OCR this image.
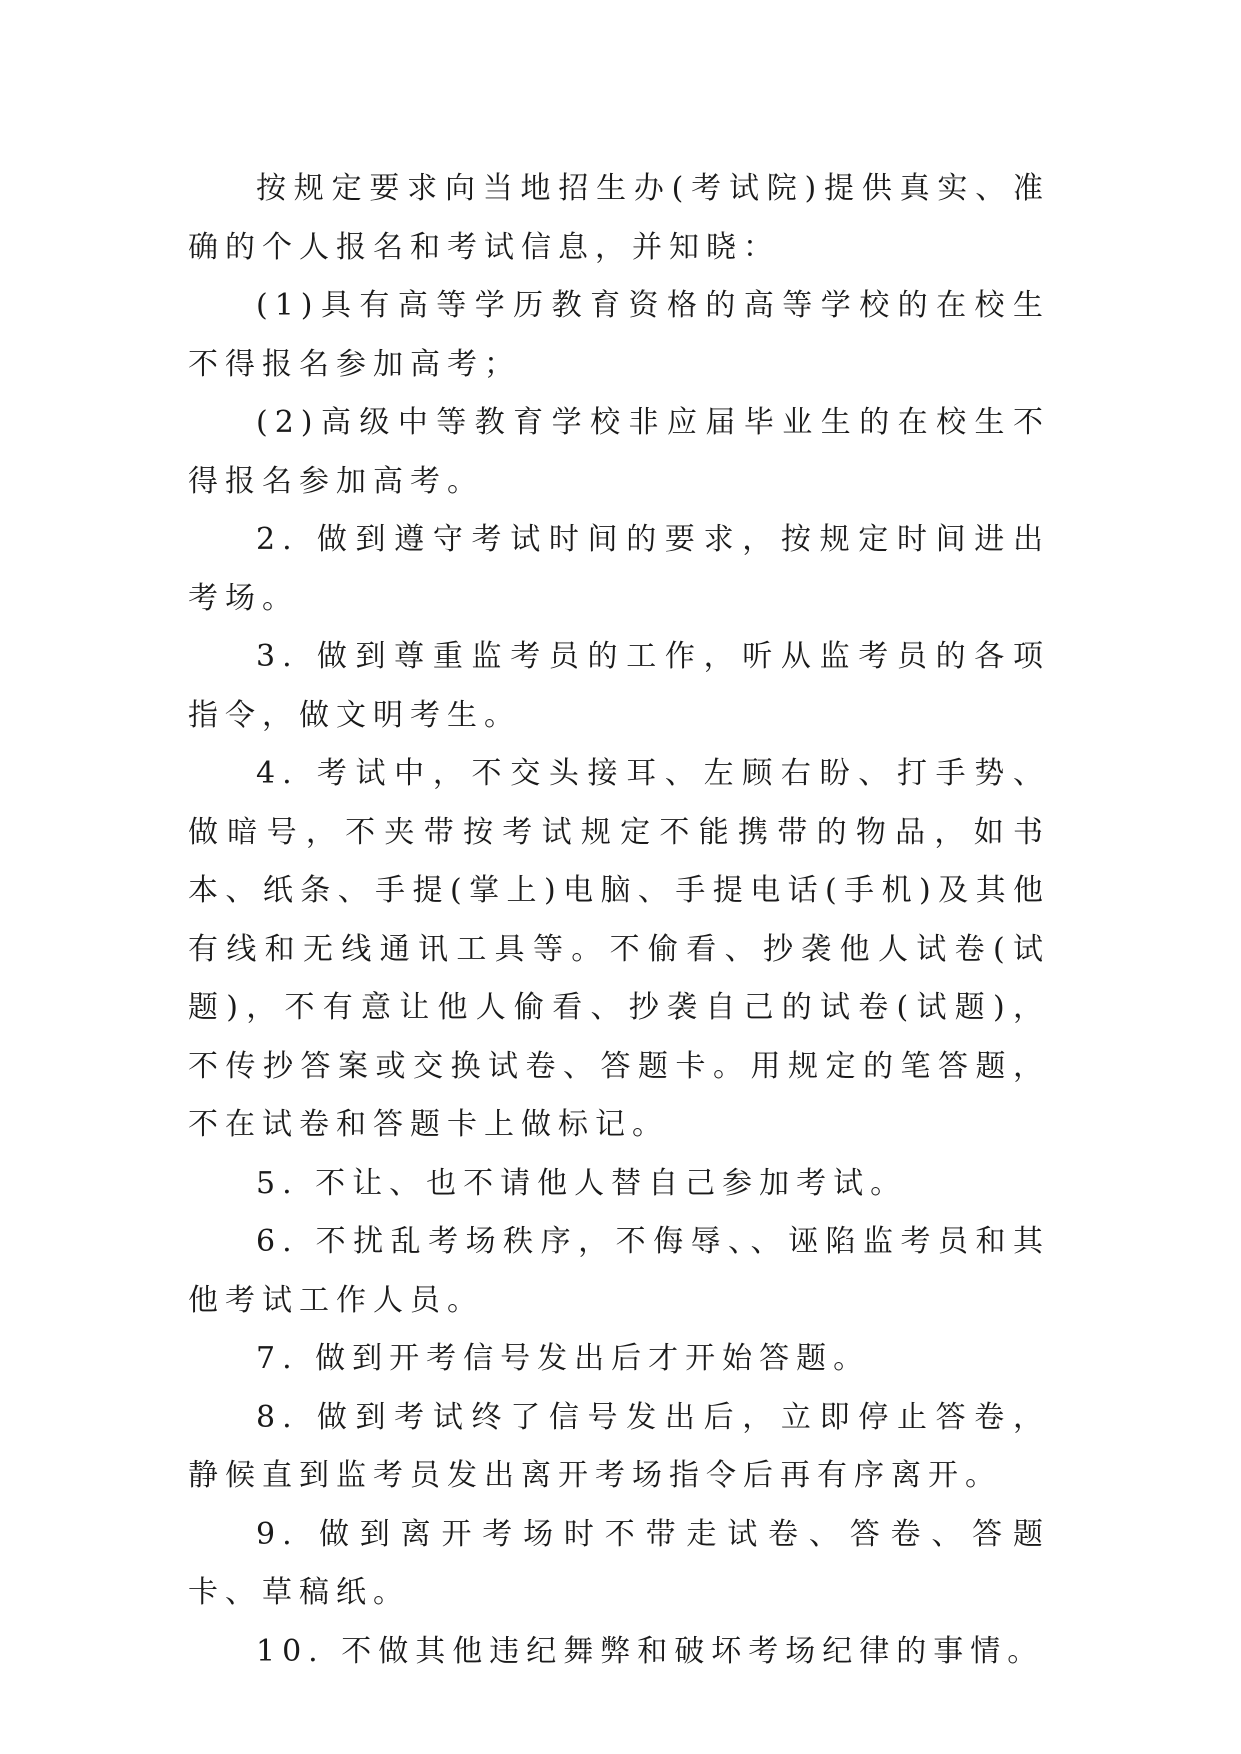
按规定要求向当地招生办(考试院)提供真实、准确的个人报名和考试信息，并知晓：

(1)具有高等学历教育资格的高等学校的在校生不得报名参加高考；

(2)高级中等教育学校非应届毕业生的在校生不得报名参加高考。

2. 做到遵守考试时间的要求，按规定时间进出考场。

3. 做到尊重监考员的工作，听从监考员的各项指令，做文明考生。

4. 考试中，不交头接耳、左顾右盼、打手势、做暗号，不夹带按考试规定不能携带的物品，如书本、纸条、手提(掌上)电脑、手提电话(手机)及其他有线和无线通讯工具等。不偷看、抄袭他人试卷(试题)，不有意让他人偷看、抄袭自己的试卷(试题)，不传抄答案或交换试卷、答题卡。用规定的笔答题，不在试卷和答题卡上做标记。

5. 不让、也不请他人替自己参加考试。

6. 不扰乱考场秩序，不侮辱、、诬陷监考员和其他考试工作人员。

7. 做到开考信号发出后才开始答题。

8. 做到考试终了信号发出后，立即停止答卷，静候直到监考员发出离开考场指令后再有序离开。

9. 做到离开考场时不带走试卷、答卷、答题卡、草稿纸。

10. 不做其他违纪舞弊和破坏考场纪律的事情。
